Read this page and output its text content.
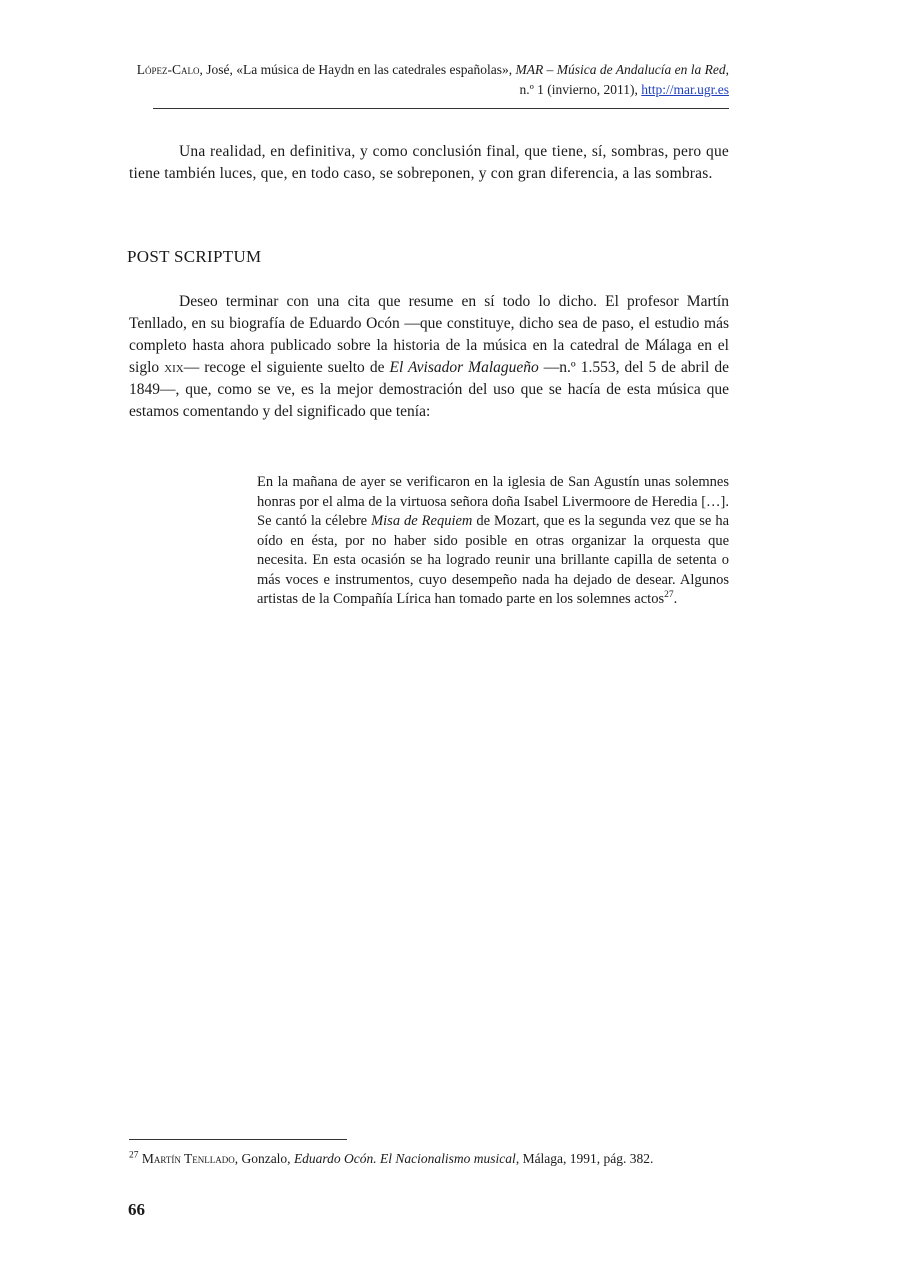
López-Calo, José, «La música de Haydn en las catedrales españolas», MAR – Música de Andalucía en la Red, n.º 1 (invierno, 2011), http://mar.ugr.es
Una realidad, en definitiva, y como conclusión final, que tiene, sí, sombras, pero que tiene también luces, que, en todo caso, se sobreponen, y con gran diferencia, a las sombras.
POST SCRIPTUM
Deseo terminar con una cita que resume en sí todo lo dicho. El profesor Martín Tenllado, en su biografía de Eduardo Ocón —que constituye, dicho sea de paso, el estudio más completo hasta ahora publicado sobre la historia de la música en la catedral de Málaga en el siglo xix— recoge el siguiente suelto de El Avisador Malagueño —n.º 1.553, del 5 de abril de 1849—, que, como se ve, es la mejor demostración del uso que se hacía de esta música que estamos comentando y del significado que tenía:
En la mañana de ayer se verificaron en la iglesia de San Agustín unas solemnes honras por el alma de la virtuosa señora doña Isabel Livermoore de Heredia […]. Se cantó la célebre Misa de Requiem de Mozart, que es la segunda vez que se ha oído en ésta, por no haber sido posible en otras organizar la orquesta que necesita. En esta ocasión se ha logrado reunir una brillante capilla de setenta o más voces e instrumentos, cuyo desempeño nada ha dejado de desear. Algunos artistas de la Compañía Lírica han tomado parte en los solemnes actos$^{27}$.
$^{27}$ Martín Tenllado, Gonzalo, Eduardo Ocón. El Nacionalismo musical, Málaga, 1991, pág. 382.
66
